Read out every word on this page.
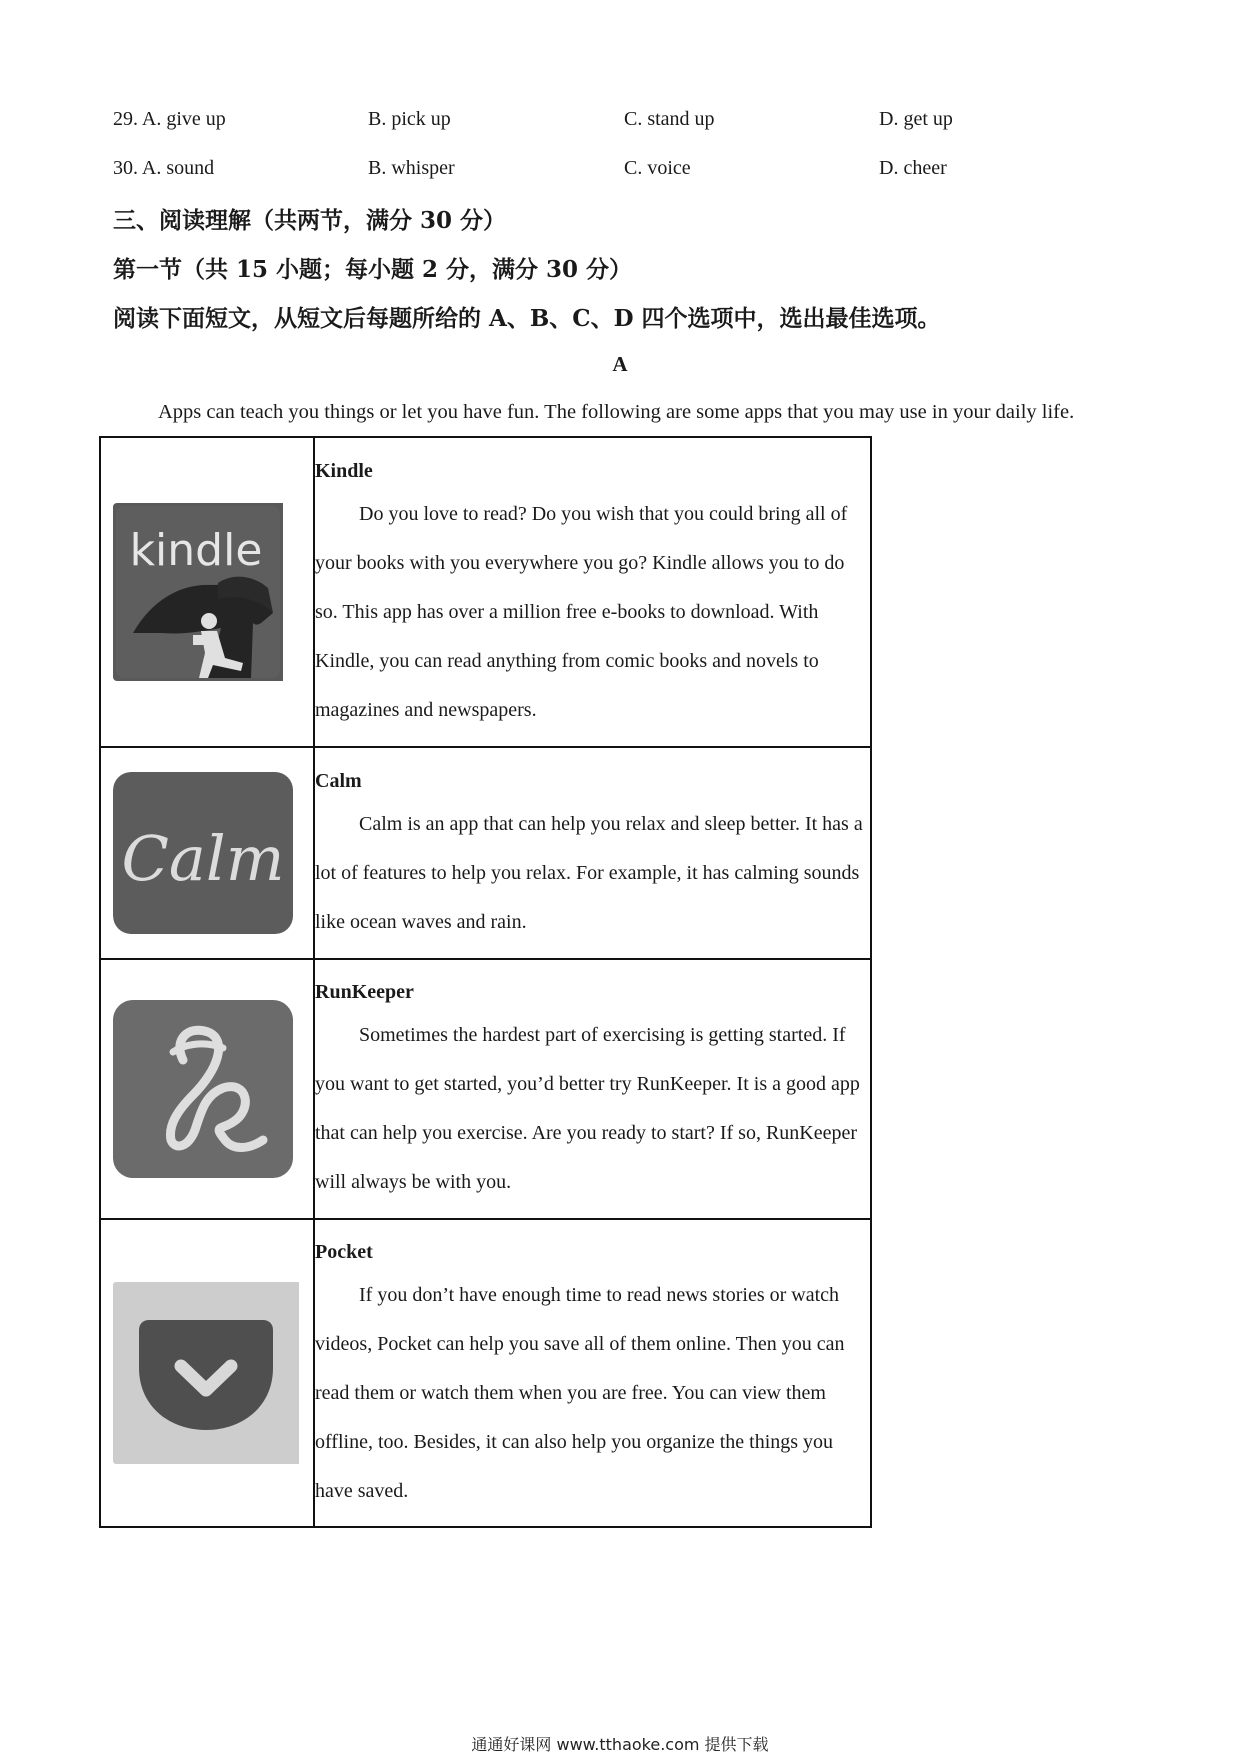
29. A. give up	B. pick up	C. stand up	D. get up
30. A. sound	B. whisper	C. voice	D. cheer
三、阅读理解（共两节，满分 30 分）
第一节（共 15 小题；每小题 2 分，满分 30 分）
阅读下面短文，从短文后每题所给的 A、B、C、D 四个选项中，选出最佳选项。
A
Apps can teach you things or let you have fun. The following are some apps that you may use in your daily life.
kindle	Kindle
Do you love to read? Do you wish that you could bring all of your books with you everywhere you go? Kindle allows you to do so. This app has over a million free e-books to download. With Kindle, you can read anything from comic books and novels to magazines and newspapers.

Calm	Calm
Calm is an app that can help you relax and sleep better. It has a lot of features to help you relax. For example, it has calming sounds like ocean waves and rain.

RunKeeper
Sometimes the hardest part of exercising is getting started. If you want to get started, you’d better try RunKeeper. It is a good app that can help you exercise. Are you ready to start? If so, RunKeeper will always be with you.

Pocket
If you don’t have enough time to read news stories or watch videos, Pocket can help you save all of them online. Then you can read them or watch them when you are free. You can view them offline, too. Besides, it can also help you organize the things you have saved.
通通好课网 www.tthaoke.com 提供下载
